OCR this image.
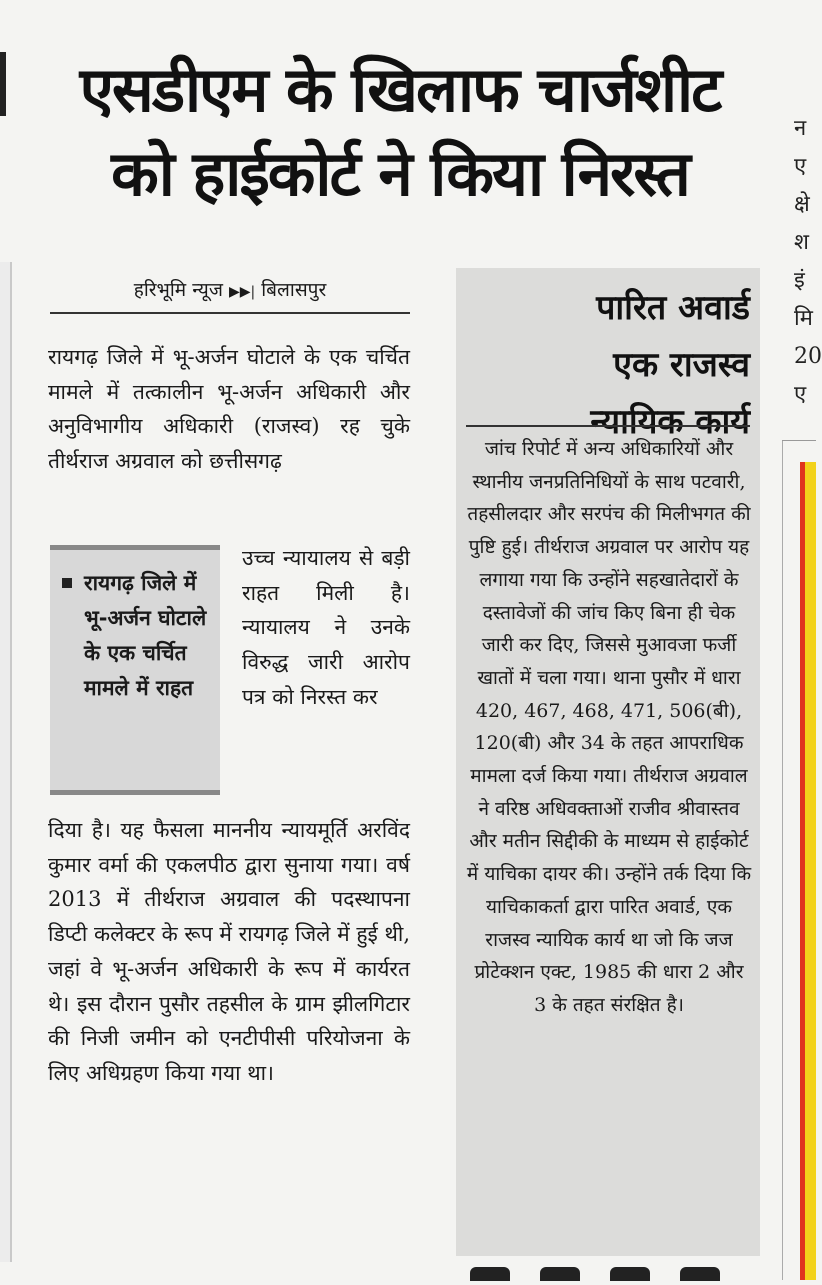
एसडीएम के खिलाफ चार्जशीट
को हाईकोर्ट ने किया निरस्त
हरिभूमि न्यूज ▶▶| बिलासपुर
रायगढ़ जिले में भू-अर्जन घोटाले के एक चर्चित मामले में तत्कालीन भू-अर्जन अधिकारी और अनुविभागीय अधिकारी (राजस्व) रह चुके तीर्थराज अग्रवाल को छत्तीसगढ़
रायगढ़ जिले में भू-अर्जन घोटाले के एक चर्चित मामले में राहत
उच्च न्यायालय से बड़ी राहत मिली है। न्यायालय ने उनके विरुद्ध जारी आरोप पत्र को निरस्त कर
दिया है। यह फैसला माननीय न्यायमूर्ति अरविंद कुमार वर्मा की एकलपीठ द्वारा सुनाया गया। वर्ष 2013 में तीर्थराज अग्रवाल की पदस्थापना डिप्टी कलेक्टर के रूप में रायगढ़ जिले में हुई थी, जहां वे भू-अर्जन अधिकारी के रूप में कार्यरत थे। इस दौरान पुसौर तहसील के ग्राम झीलगिटार की निजी जमीन को एनटीपीसी परियोजना के लिए अधिग्रहण किया गया था।
पारित अवार्ड
एक राजस्व
न्यायिक कार्य
जांच रिपोर्ट में अन्य अधिकारियों और स्थानीय जनप्रतिनिधियों के साथ पटवारी, तहसीलदार और सरपंच की मिलीभगत की पुष्टि हुई। तीर्थराज अग्रवाल पर आरोप यह लगाया गया कि उन्होंने सहखातेदारों के दस्तावेजों की जांच किए बिना ही चेक जारी कर दिए, जिससे मुआवजा फर्जी खातों में चला गया। थाना पुसौर में धारा 420, 467, 468, 471, 506(बी), 120(बी) और 34 के तहत आपराधिक मामला दर्ज किया गया। तीर्थराज अग्रवाल ने वरिष्ठ अधिवक्ताओं राजीव श्रीवास्तव और मतीन सिद्दीकी के माध्यम से हाईकोर्ट में याचिका दायर की। उन्होंने तर्क दिया कि याचिकाकर्ता द्वारा पारित अवार्ड, एक राजस्व न्यायिक कार्य था जो कि जज प्रोटेक्शन एक्ट, 1985 की धारा 2 और 3 के तहत संरक्षित है।
न
ए
क्षे
श
इं
मि
20
ए
